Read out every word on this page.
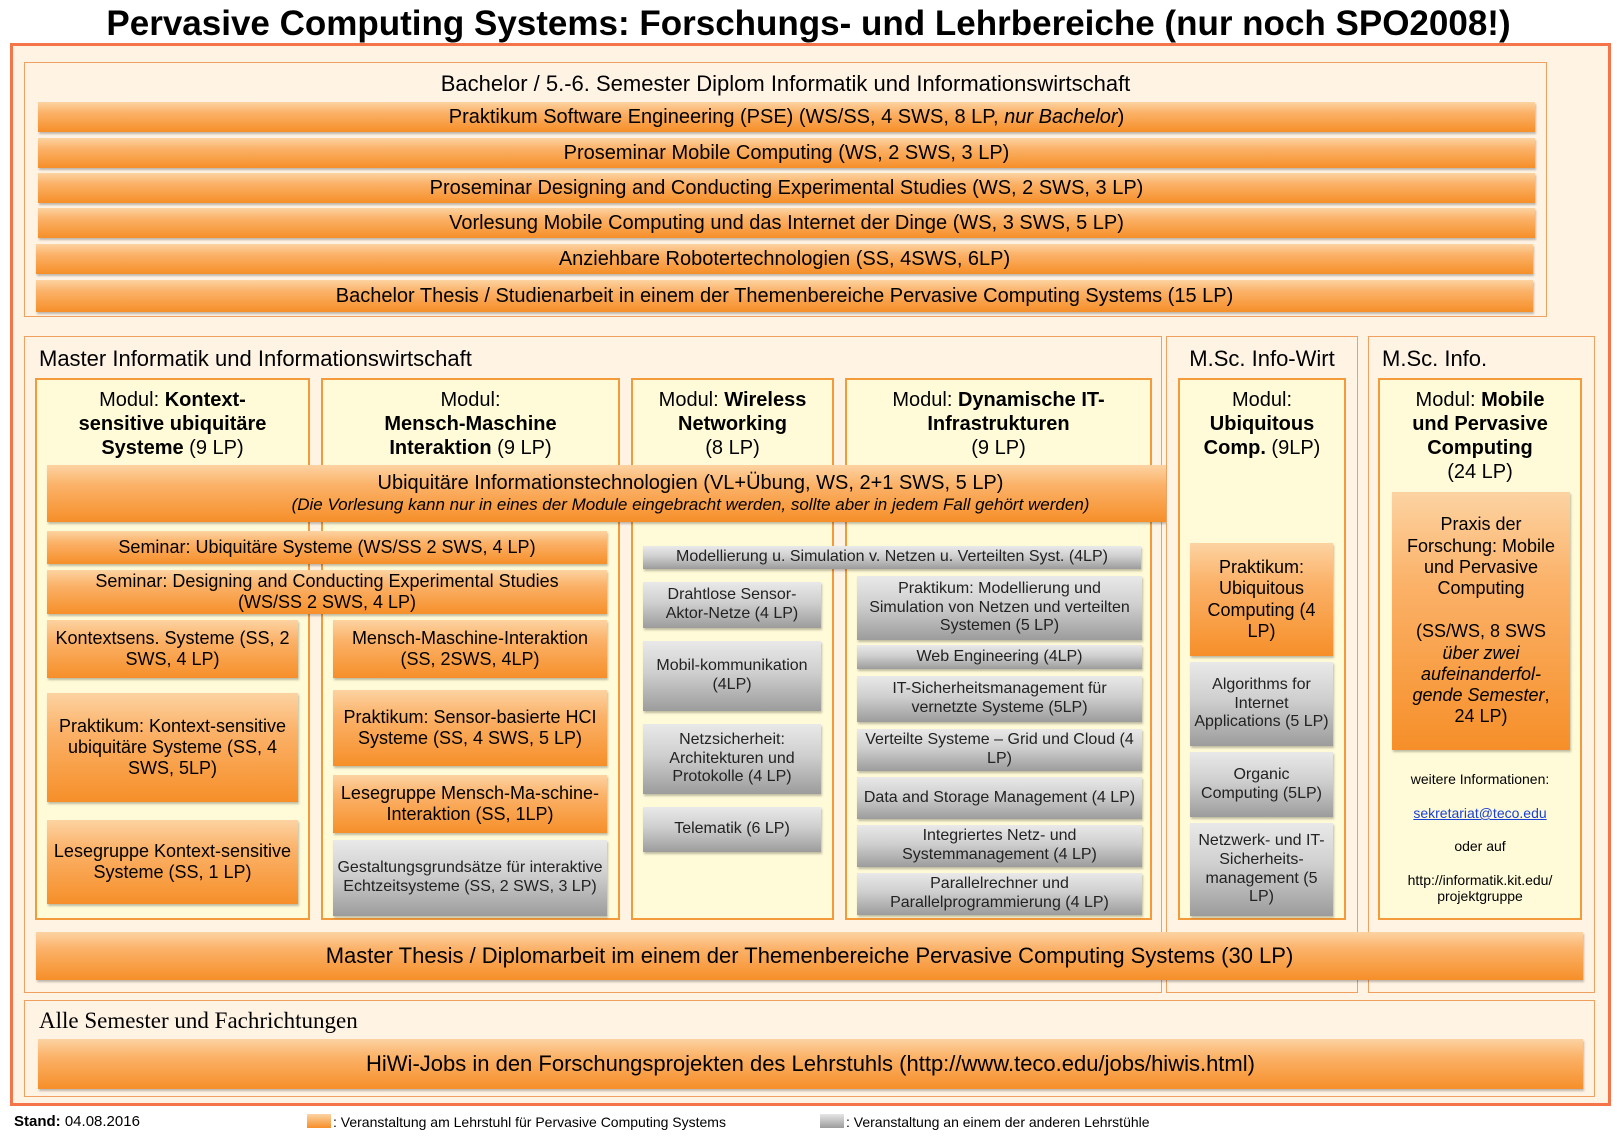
Pervasive Computing Systems: Forschungs- und Lehrbereiche (nur noch SPO2008!)
Bachelor / 5.-6. Semester Diplom Informatik und Informationswirtschaft
Praktikum Software Engineering (PSE) (WS/SS, 4 SWS, 8 LP, nur Bachelor )
Proseminar Mobile Computing (WS, 2 SWS, 3 LP)
Proseminar Designing and Conducting Experimental Studies (WS, 2 SWS, 3 LP)
Vorlesung Mobile Computing und das Internet der Dinge (WS, 3 SWS, 5 LP)
Anziehbare Robotertechnologien (SS, 4SWS, 6LP)
Bachelor Thesis / Studienarbeit in einem der Themenbereiche Pervasive Computing Systems (15 LP)
Master Informatik und Informationswirtschaft
Modul: Kontext-
sensitive ubiquitäre
Systeme (9 LP)
Modul:
Mensch-Maschine
Interaktion (9 LP)
Modul: Wireless
Networking
(8 LP)
Modul: Dynamische IT-
Infrastrukturen
(9 LP)
Ubiquitäre Informationstechnologien (VL+Übung, WS, 2+1 SWS, 5 LP)
(Die Vorlesung kann nur in eines der Module eingebracht werden, sollte aber in jedem Fall gehört werden)
Seminar: Ubiquitäre Systeme (WS/SS 2 SWS, 4 LP)
Seminar: Designing and Conducting Experimental Studies
(WS/SS 2 SWS, 4 LP)
Kontextsens. Systeme (SS, 2 SWS, 4 LP)
Praktikum: Kontext-sensitive ubiquitäre Systeme (SS, 4 SWS, 5LP)
Lesegruppe Kontext-sensitive Systeme (SS, 1 LP)
Mensch-Maschine-Interaktion (SS, 2SWS, 4LP)
Praktikum: Sensor-basierte HCI Systeme (SS, 4 SWS, 5 LP)
Lesegruppe Mensch-Ma-schine-Interaktion (SS, 1LP)
Gestaltungsgrundsätze für interaktive Echtzeitsysteme (SS, 2 SWS, 3 LP)
Modellierung u. Simulation v. Netzen u. Verteilten Syst. (4LP)
Drahtlose Sensor-Aktor-Netze (4 LP)
Mobil-kommunikation (4LP)
Netzsicherheit: Architekturen und Protokolle (4 LP)
Telematik (6 LP)
Praktikum: Modellierung und Simulation von Netzen und verteilten Systemen (5 LP)
Web Engineering (4LP)
IT-Sicherheitsmanagement für vernetzte Systeme (5LP)
Verteilte Systeme – Grid und Cloud (4 LP)
Data and Storage Management (4 LP)
Integriertes Netz- und Systemmanagement (4 LP)
Parallelrechner und Parallelprogrammierung (4 LP)
M.Sc. Info-Wirt
Modul:
Ubiquitous
Comp. (9LP)
Praktikum: Ubiquitous Computing (4 LP)
Algorithms for Internet Applications (5 LP)
Organic Computing (5LP)
Netzwerk- und IT-Sicherheits-management (5 LP)
M.Sc. Info.
Modul: Mobile
und Pervasive
Computing
(24 LP)
Praxis der Forschung: Mobile und Pervasive Computing
(SS/WS, 8 SWS über zwei aufeinanderfol-gende Semester, 24 LP)
weitere Informationen:
sekretariat@teco.edu
oder auf
http://informatik.kit.edu/
projektgruppe
Master Thesis / Diplomarbeit im einem der Themenbereiche Pervasive Computing Systems (30 LP)
Alle Semester und Fachrichtungen
HiWi-Jobs in den Forschungsprojekten des Lehrstuhls (http://www.teco.edu/jobs/hiwis.html)
Stand: 04.08.2016	: Veranstaltung am Lehrstuhl für Pervasive Computing Systems	: Veranstaltung an einem der anderen Lehrstühle
